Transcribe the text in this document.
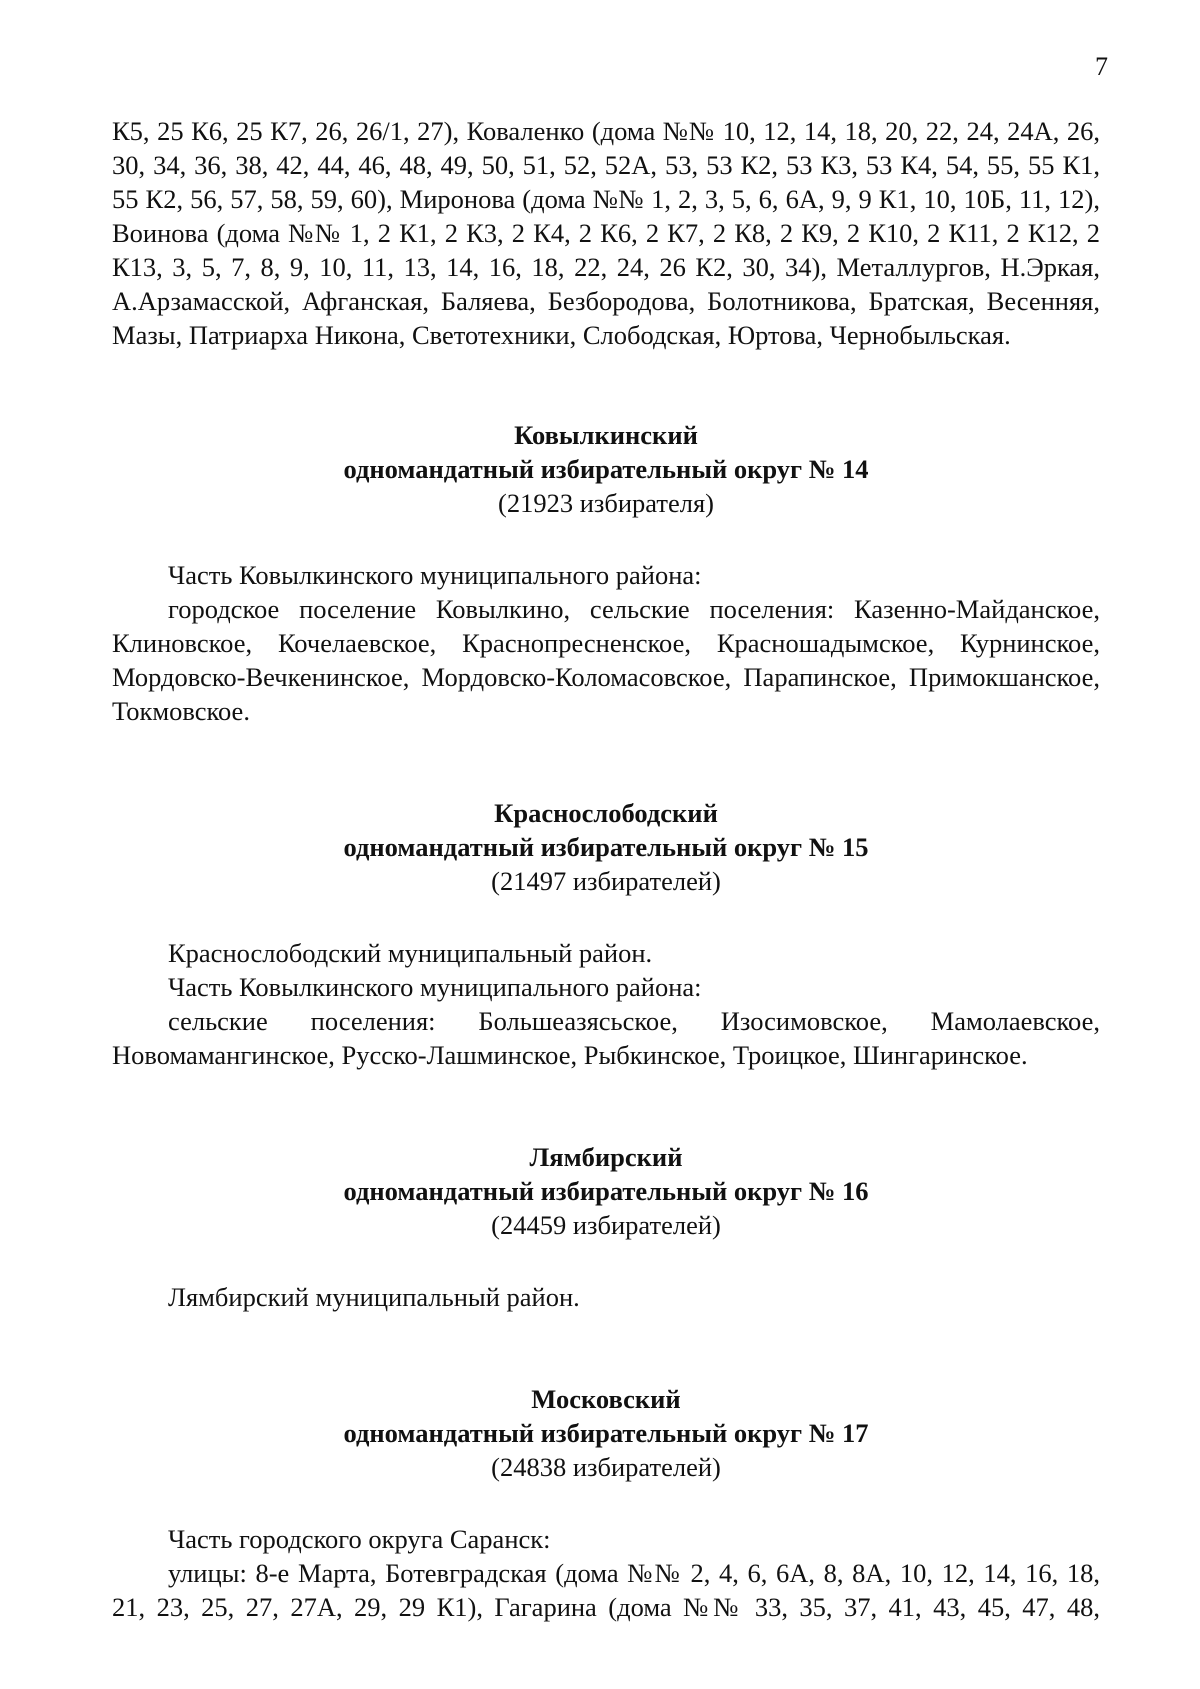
7

К5, 25 К6, 25 К7, 26, 26/1, 27), Коваленко (дома №№ 10, 12, 14, 18, 20, 22, 24, 24А, 26, 30, 34, 36, 38, 42, 44, 46, 48, 49, 50, 51, 52, 52А, 53, 53 К2, 53 К3, 53 К4, 54, 55, 55 К1, 55 К2, 56, 57, 58, 59, 60), Миронова (дома №№ 1, 2, 3, 5, 6, 6А, 9, 9 К1, 10, 10Б, 11, 12), Воинова (дома №№ 1, 2 К1, 2 К3, 2 К4, 2 К6, 2 К7, 2 К8, 2 К9, 2 К10, 2 К11, 2 К12, 2 К13, 3, 5, 7, 8, 9, 10, 11, 13, 14, 16, 18, 22, 24, 26 К2, 30, 34), Металлургов, Н.Эркая, А.Арзамасской, Афганская, Баляева, Безбородова, Болотникова, Братская, Весенняя, Мазы, Патриарха Никона, Светотехники, Слободская, Юртова, Чернобыльская.

Ковылкинский
одномандатный избирательный округ № 14
(21923 избирателя)

Часть Ковылкинского муниципального района:

городское поселение Ковылкино, сельские поселения: Казенно-Майданское, Клиновское, Кочелаевское, Краснопресненское, Красношадымское, Курнинское, Мордовско-Вечкенинское, Мордовско-Коломасовское, Парапинское, Примокшанское, Токмовское.

Краснослободский
одномандатный избирательный округ № 15
(21497 избирателей)

Краснослободский муниципальный район.

Часть Ковылкинского муниципального района:

сельские поселения: Большеазясьское, Изосимовское, Мамолаевское, Новомамангинское, Русско-Лашминское, Рыбкинское, Троицкое, Шингаринское.

Лямбирский
одномандатный избирательный округ № 16
(24459 избирателей)

Лямбирский муниципальный район.

Московский
одномандатный избирательный округ № 17
(24838 избирателей)

Часть городского округа Саранск:

улицы: 8-е Марта, Ботевградская (дома №№ 2, 4, 6, 6А, 8, 8А, 10, 12, 14, 16, 18, 21, 23, 25, 27, 27А, 29, 29 К1), Гагарина (дома №№ 33, 35, 37, 41, 43, 45, 47, 48,
